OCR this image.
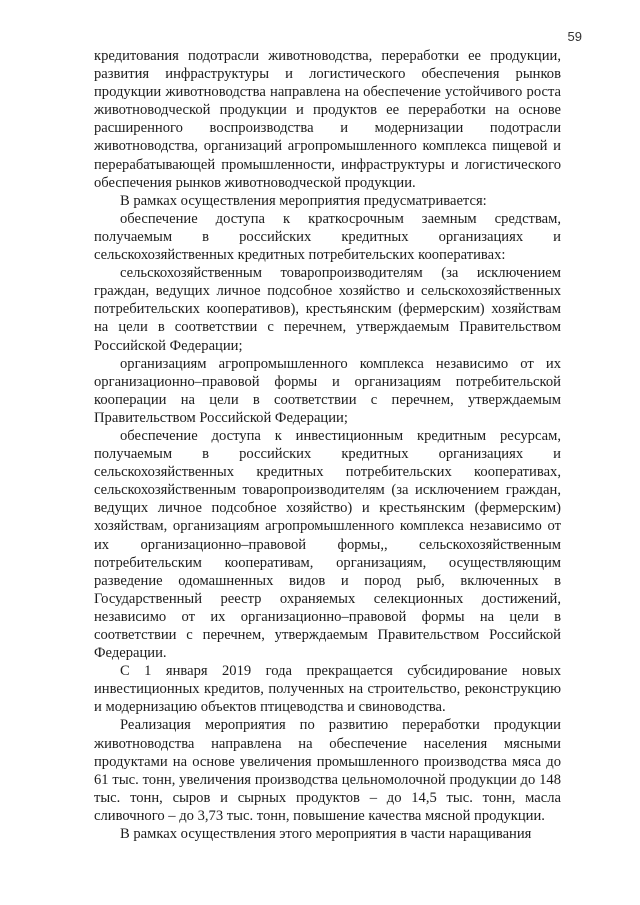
59

кредитования подотрасли животноводства, переработки ее продукции, развития инфраструктуры и логистического обеспечения рынков продукции животноводства направлена на обеспечение устойчивого роста животноводческой продукции и продуктов ее переработки на основе расширенного воспроизводства и модернизации подотрасли животноводства, организаций агропромышленного комплекса пищевой и перерабатывающей промышленности, инфраструктуры и логистического обеспечения рынков животноводческой продукции.

В рамках осуществления мероприятия предусматривается:

обеспечение доступа к краткосрочным заемным средствам, получаемым в российских кредитных организациях и сельскохозяйственных кредитных потребительских кооперативах:

сельскохозяйственным товаропроизводителям (за исключением граждан, ведущих личное подсобное хозяйство и сельскохозяйственных потребительских кооперативов), крестьянским (фермерским) хозяйствам на цели в соответствии с перечнем, утверждаемым Правительством Российской Федерации;

организациям агропромышленного комплекса независимо от их организационно–правовой формы и организациям потребительской кооперации на цели в соответствии с перечнем, утверждаемым Правительством Российской Федерации;

обеспечение доступа к инвестиционным кредитным ресурсам, получаемым в российских кредитных организациях и сельскохозяйственных кредитных потребительских кооперативах, сельскохозяйственным товаропроизводителям (за исключением граждан, ведущих личное подсобное хозяйство) и крестьянским (фермерским) хозяйствам, организациям агропромышленного комплекса независимо от их организационно–правовой формы,, сельскохозяйственным потребительским кооперативам, организациям, осуществляющим разведение одомашненных видов и пород рыб, включенных в Государственный реестр охраняемых селекционных достижений, независимо от их организационно–правовой формы на цели в соответствии с перечнем, утверждаемым Правительством Российской Федерации.

С 1 января 2019 года прекращается субсидирование новых инвестиционных кредитов, полученных на строительство, реконструкцию и модернизацию объектов птицеводства и свиноводства.

Реализация мероприятия по развитию переработки продукции животноводства направлена на обеспечение населения мясными продуктами на основе увеличения промышленного производства мяса до 61 тыс. тонн, увеличения производства цельномолочной продукции до 148 тыс. тонн, сыров и сырных продуктов – до 14,5 тыс. тонн, масла сливочного – до 3,73 тыс. тонн, повышение качества мясной продукции.

В рамках осуществления этого мероприятия в части наращивания
